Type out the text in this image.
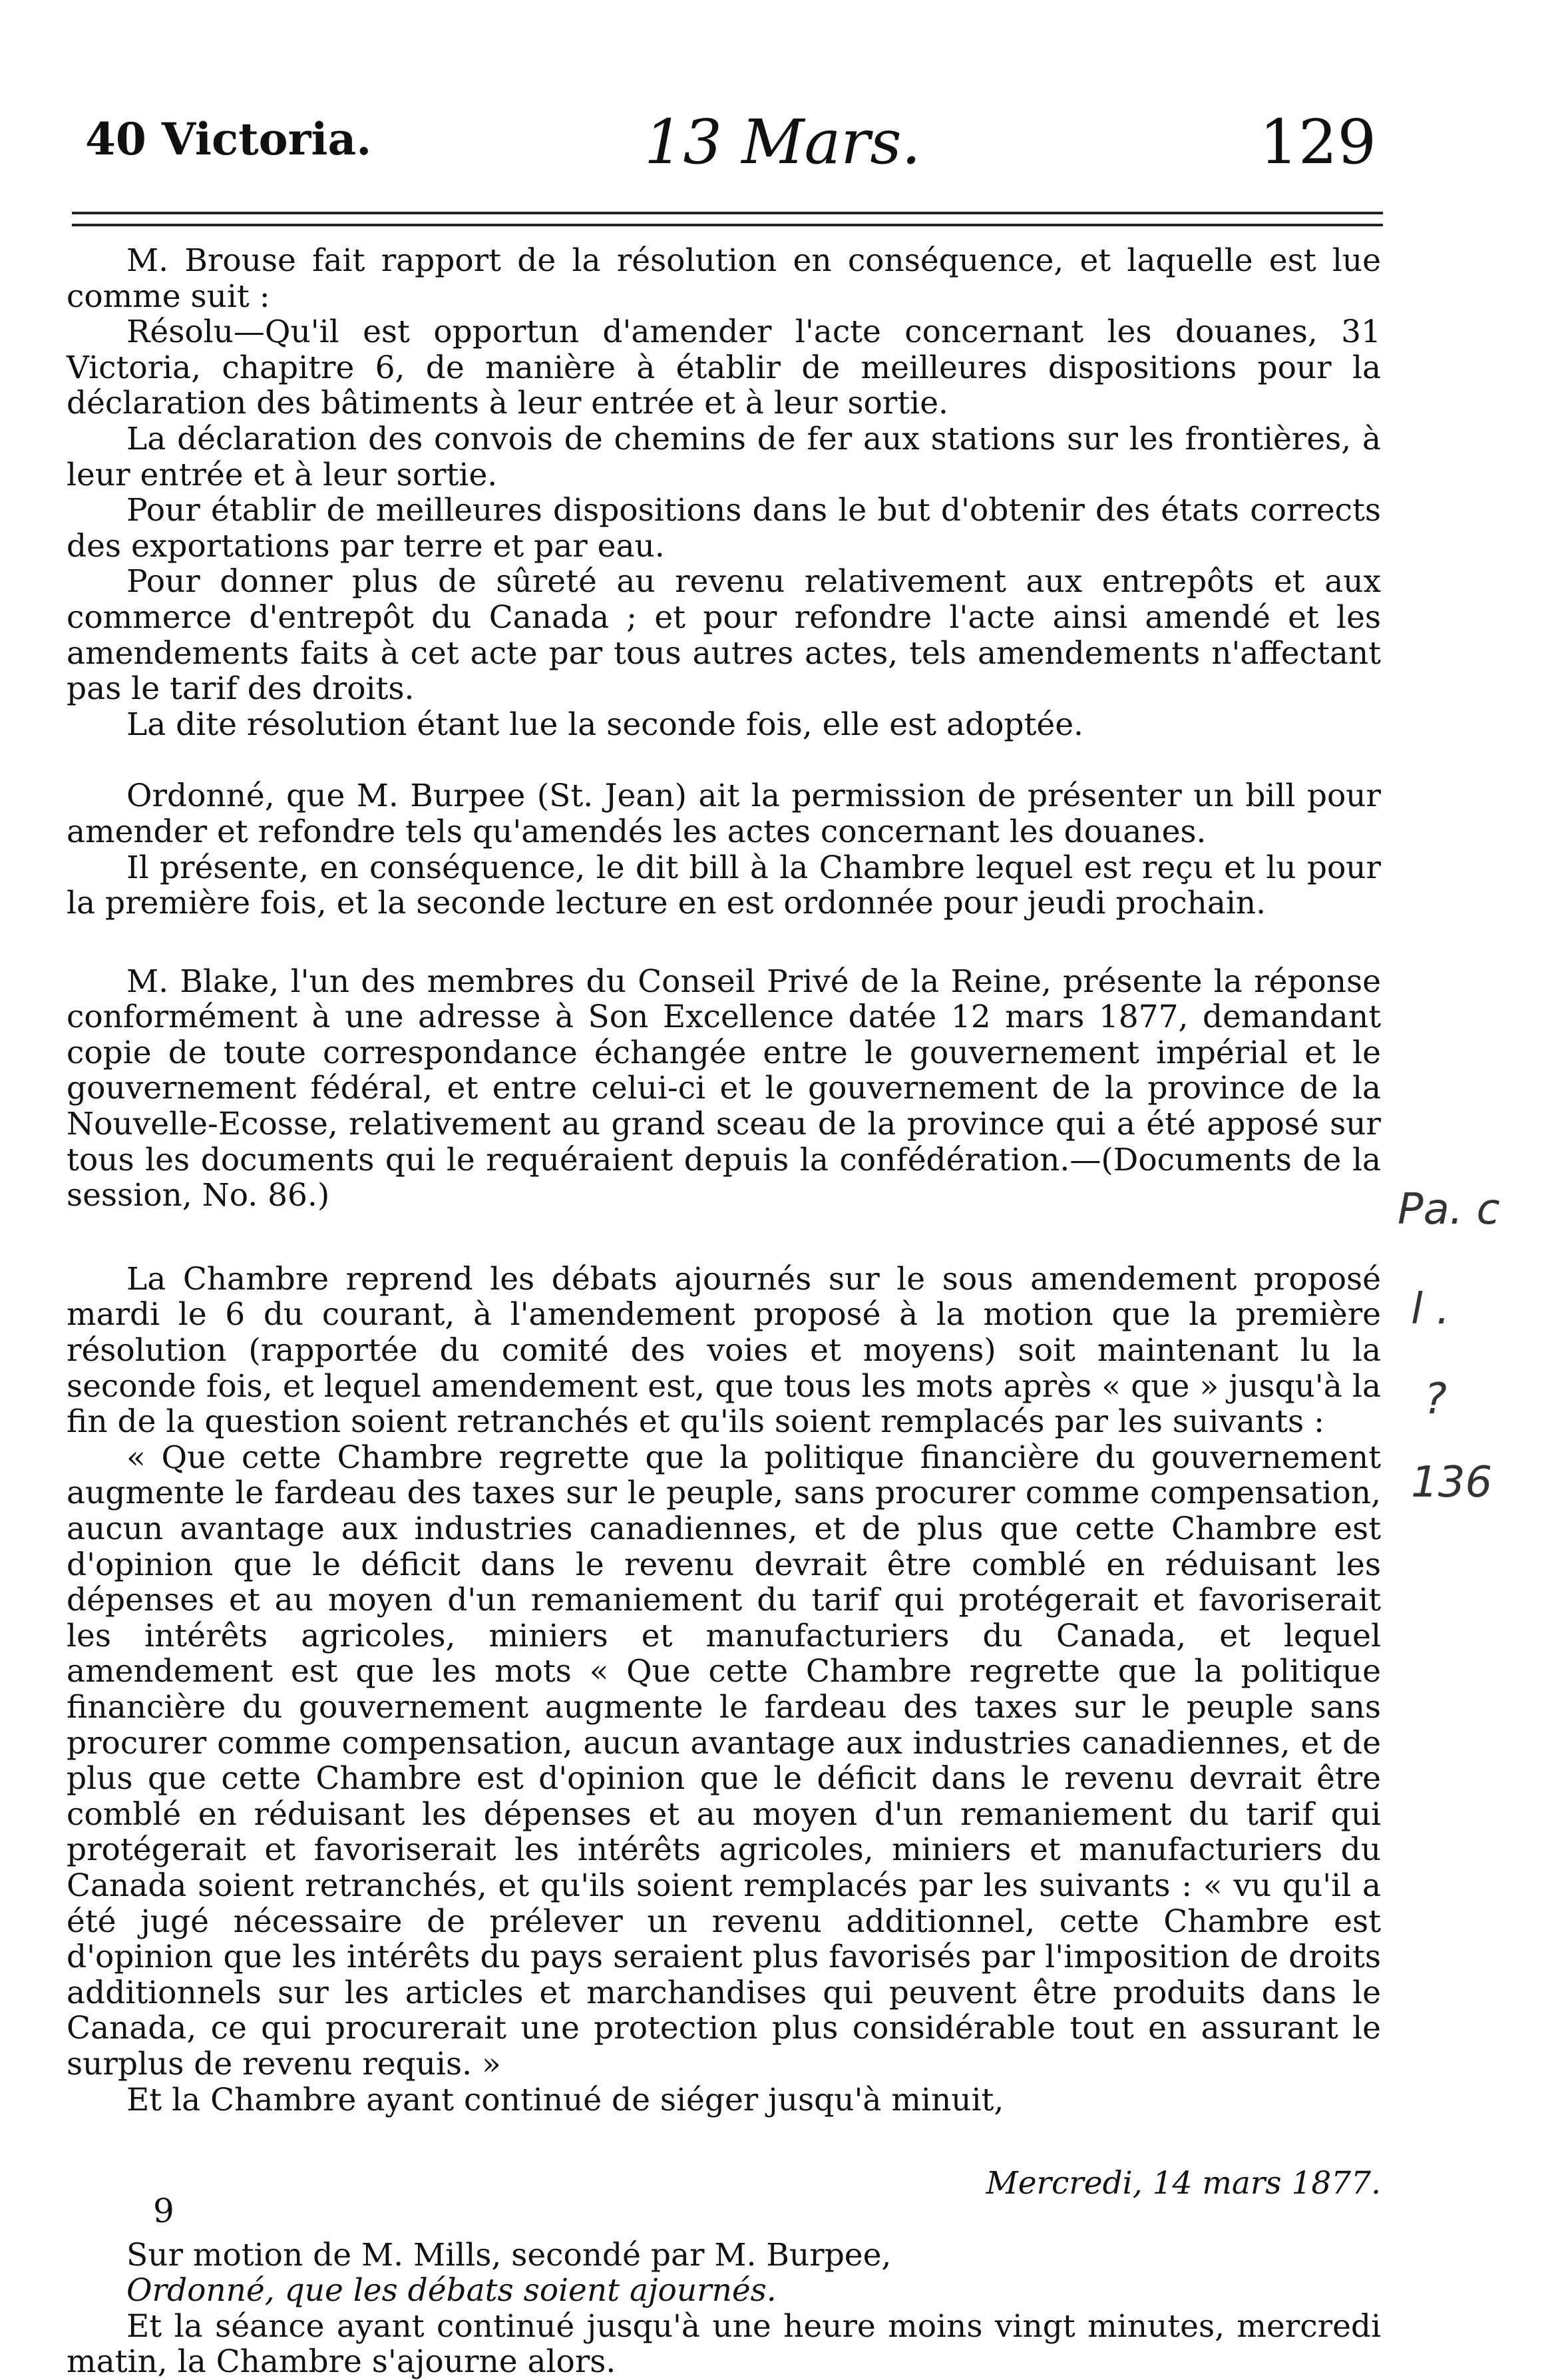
40 Victoria.	13 Mars.	129

M. Brouse fait rapport de la résolution en conséquence, et laquelle est lue comme suit :

Résolu—Qu'il est opportun d'amender l'acte concernant les douanes, 31 Victoria, chapitre 6, de manière à établir de meilleures dispositions pour la déclaration des bâtiments à leur entrée et à leur sortie.

La déclaration des convois de chemins de fer aux stations sur les frontières, à leur entrée et à leur sortie.

Pour établir de meilleures dispositions dans le but d'obtenir des états corrects des exportations par terre et par eau.

Pour donner plus de sûreté au revenu relativement aux entrepôts et aux commerce d'entrepôt du Canada ; et pour refondre l'acte ainsi amendé et les amendements faits à cet acte par tous autres actes, tels amendements n'affectant pas le tarif des droits.

La dite résolution étant lue la seconde fois, elle est adoptée.

Ordonné, que M. Burpee (St. Jean) ait la permission de présenter un bill pour amender et refondre tels qu'amendés les actes concernant les douanes.

Il présente, en conséquence, le dit bill à la Chambre lequel est reçu et lu pour la première fois, et la seconde lecture en est ordonnée pour jeudi prochain.

M. Blake, l'un des membres du Conseil Privé de la Reine, présente la réponse conformément à une adresse à Son Excellence datée 12 mars 1877, demandant copie de toute correspondance échangée entre le gouvernement impérial et le gouvernement fédéral, et entre celui-ci et le gouvernement de la province de la Nouvelle-Ecosse, relativement au grand sceau de la province qui a été apposé sur tous les documents qui le requéraient depuis la confédération.—(Documents de la session, No. 86.)

La Chambre reprend les débats ajournés sur le sous amendement proposé mardi le 6 du courant, à l'amendement proposé à la motion que la première résolution (rapportée du comité des voies et moyens) soit maintenant lu la seconde fois, et lequel amendement est, que tous les mots après « que » jusqu'à la fin de la question soient retranchés et qu'ils soient remplacés par les suivants :

« Que cette Chambre regrette que la politique financière du gouvernement augmente le fardeau des taxes sur le peuple, sans procurer comme compensation, aucun avantage aux industries canadiennes, et de plus que cette Chambre est d'opinion que le déficit dans le revenu devrait être comblé en réduisant les dépenses et au moyen d'un remaniement du tarif qui protégerait et favoriserait les intérêts agricoles, miniers et manufacturiers du Canada, et lequel amendement est que les mots « Que cette Chambre regrette que la politique financière du gouvernement augmente le fardeau des taxes sur le peuple sans procurer comme compensation, aucun avantage aux industries canadiennes, et de plus que cette Chambre est d'opinion que le déficit dans le revenu devrait être comblé en réduisant les dépenses et au moyen d'un remaniement du tarif qui protégerait et favoriserait les intérêts agricoles, miniers et manufacturiers du Canada soient retranchés, et qu'ils soient remplacés par les suivants : « vu qu'il a été jugé nécessaire de prélever un revenu additionnel, cette Chambre est d'opinion que les intérêts du pays seraient plus favorisés par l'imposition de droits additionnels sur les articles et marchandises qui peuvent être produits dans le Canada, ce qui procurerait une protection plus considérable tout en assurant le surplus de revenu requis. »

Et la Chambre ayant continué de siéger jusqu'à minuit,

Mercredi, 14 mars 1877.

Sur motion de M. Mills, secondé par M. Burpee,

Ordonné, que les débats soient ajournés.

Et la séance ayant continué jusqu'à une heure moins vingt minutes, mercredi matin, la Chambre s'ajourne alors.

9
Pa. c
l .
?
136
